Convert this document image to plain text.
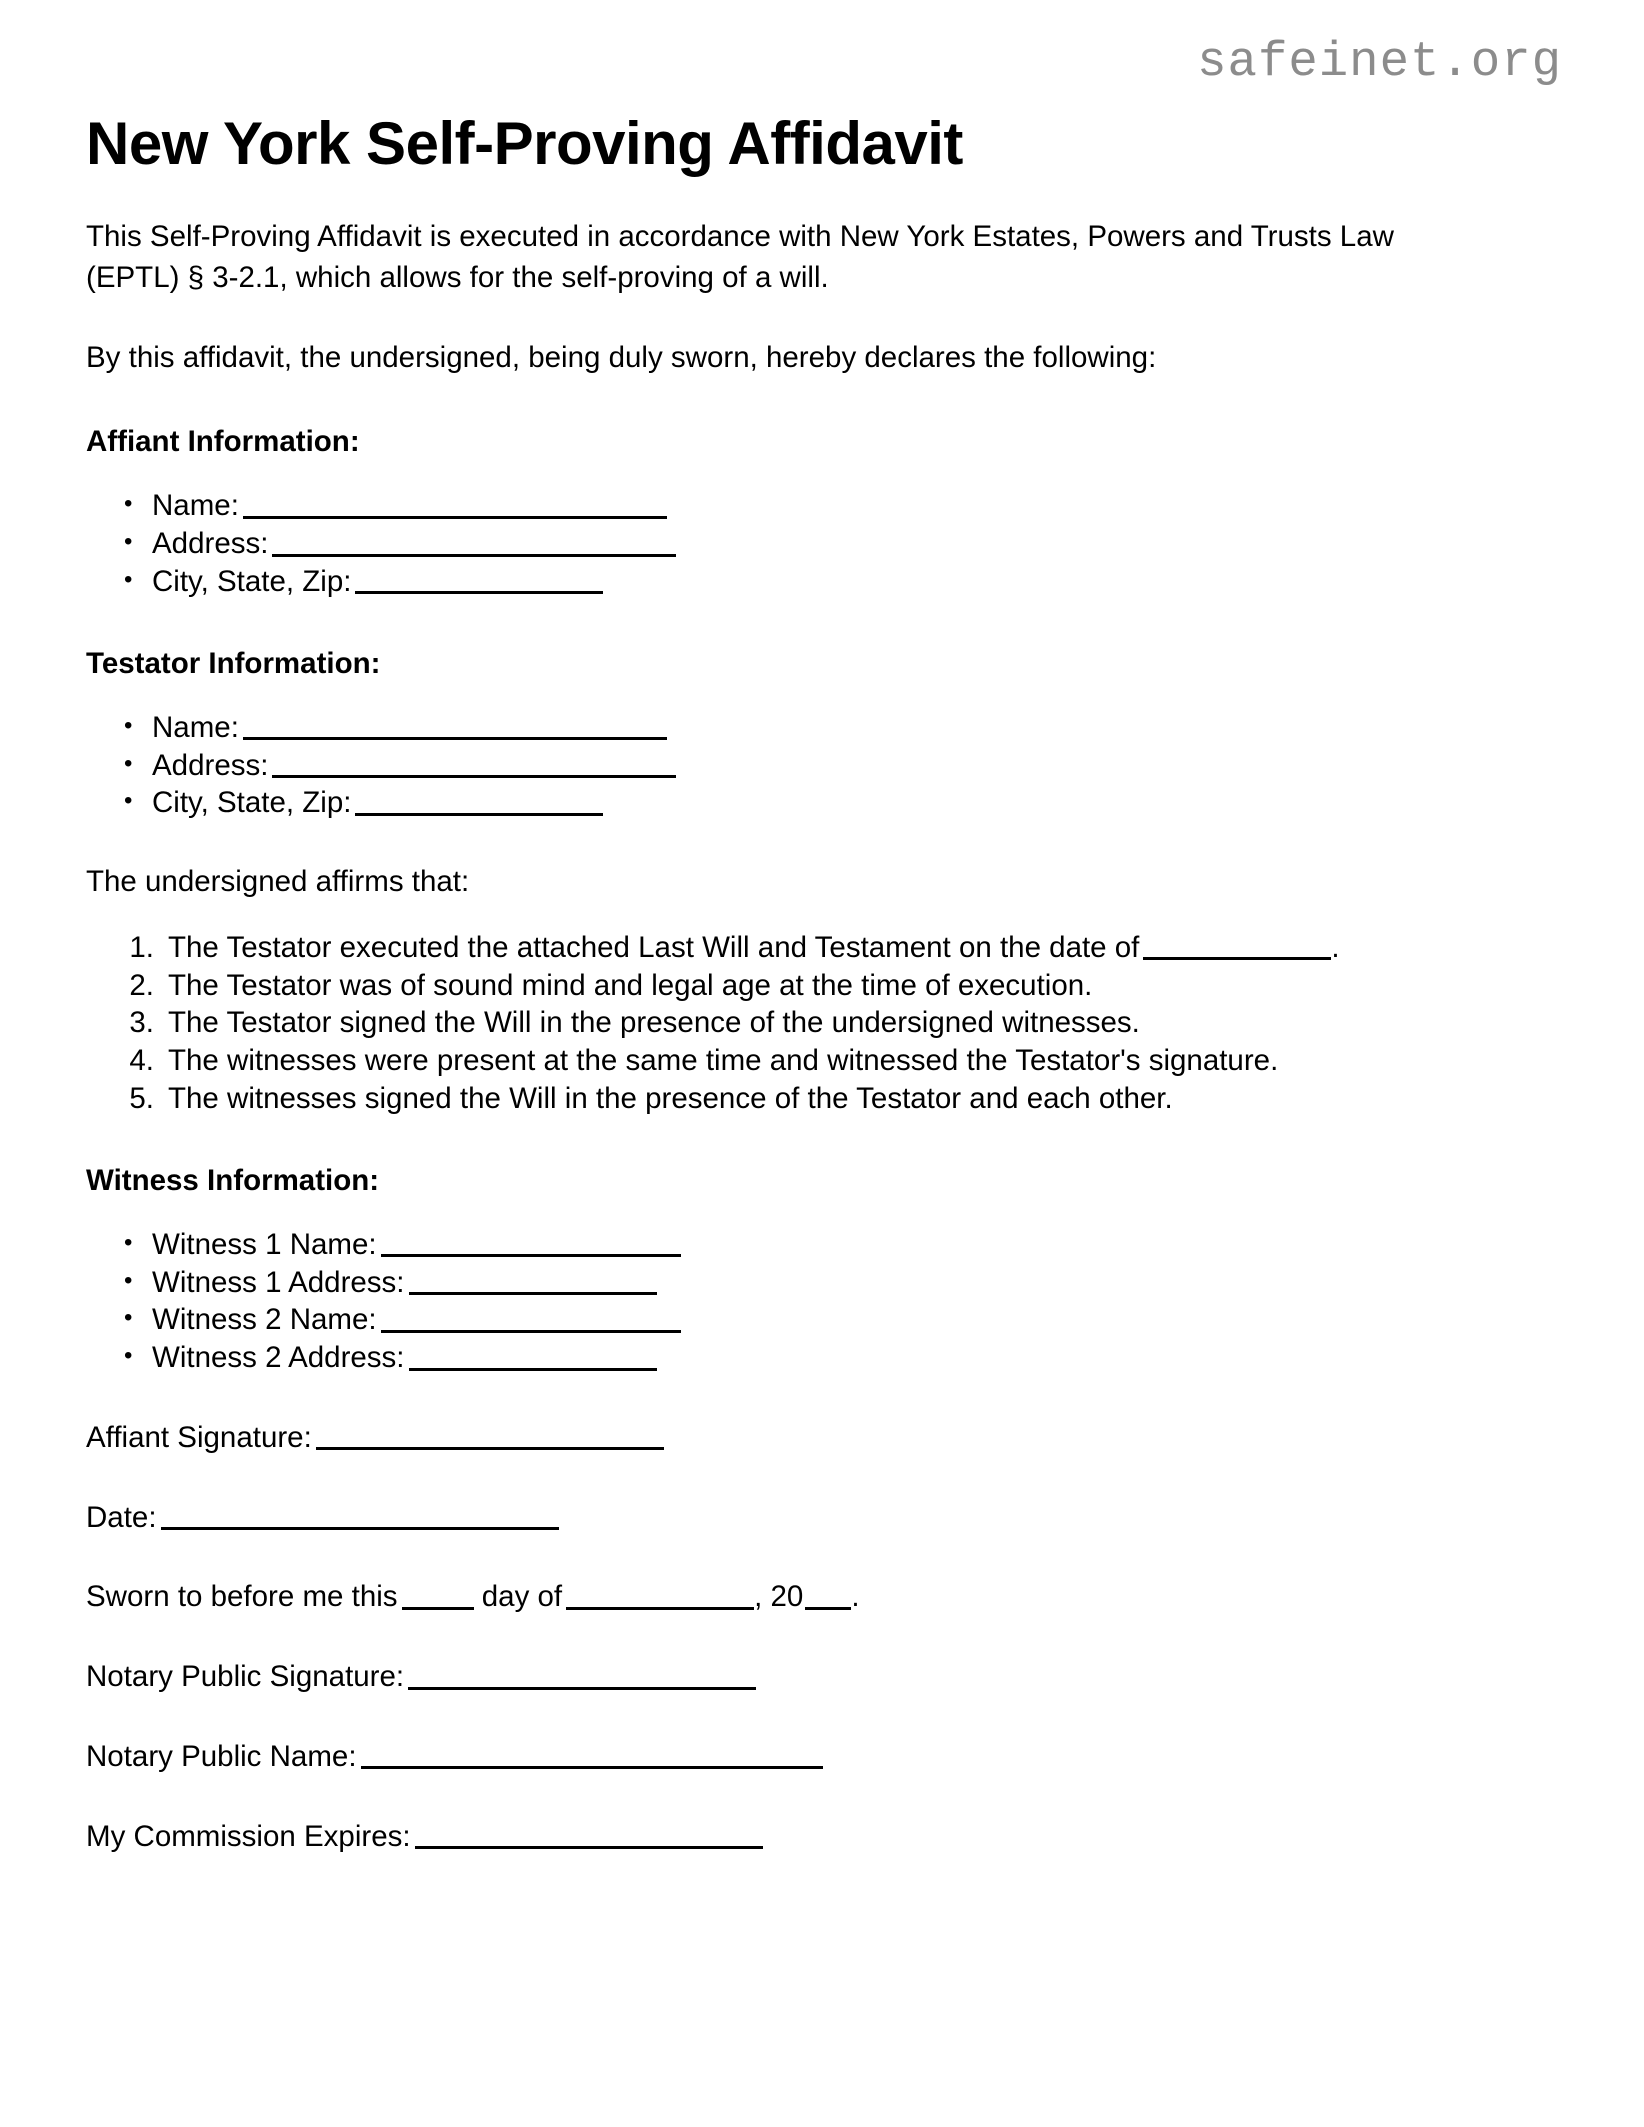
safeinet.org
New York Self-Proving Affidavit

This Self-Proving Affidavit is executed in accordance with New York Estates, Powers and Trusts Law (EPTL) § 3-2.1, which allows for the self-proving of a will.

By this affidavit, the undersigned, being duly sworn, hereby declares the following:

Affiant Information:
• Name:
• Address:
• City, State, Zip:
Testator Information:
• Name:
• Address:
• City, State, Zip:

The undersigned affirms that:

The Testator executed the attached Last Will and Testament on the date of	.
The Testator was of sound mind and legal age at the time of execution.
The Testator signed the Will in the presence of the undersigned witnesses.
The witnesses were present at the same time and witnessed the Testator's signature.
The witnesses signed the Will in the presence of the Testator and each other.
Witness Information:
• Witness 1 Name:
• Witness 1 Address:
• Witness 2 Name:
• Witness 2 Address:

Affiant Signature:

Date:

Sworn to before me this	day of	, 20 .

Notary Public Signature:

Notary Public Name:

My Commission Expires:
